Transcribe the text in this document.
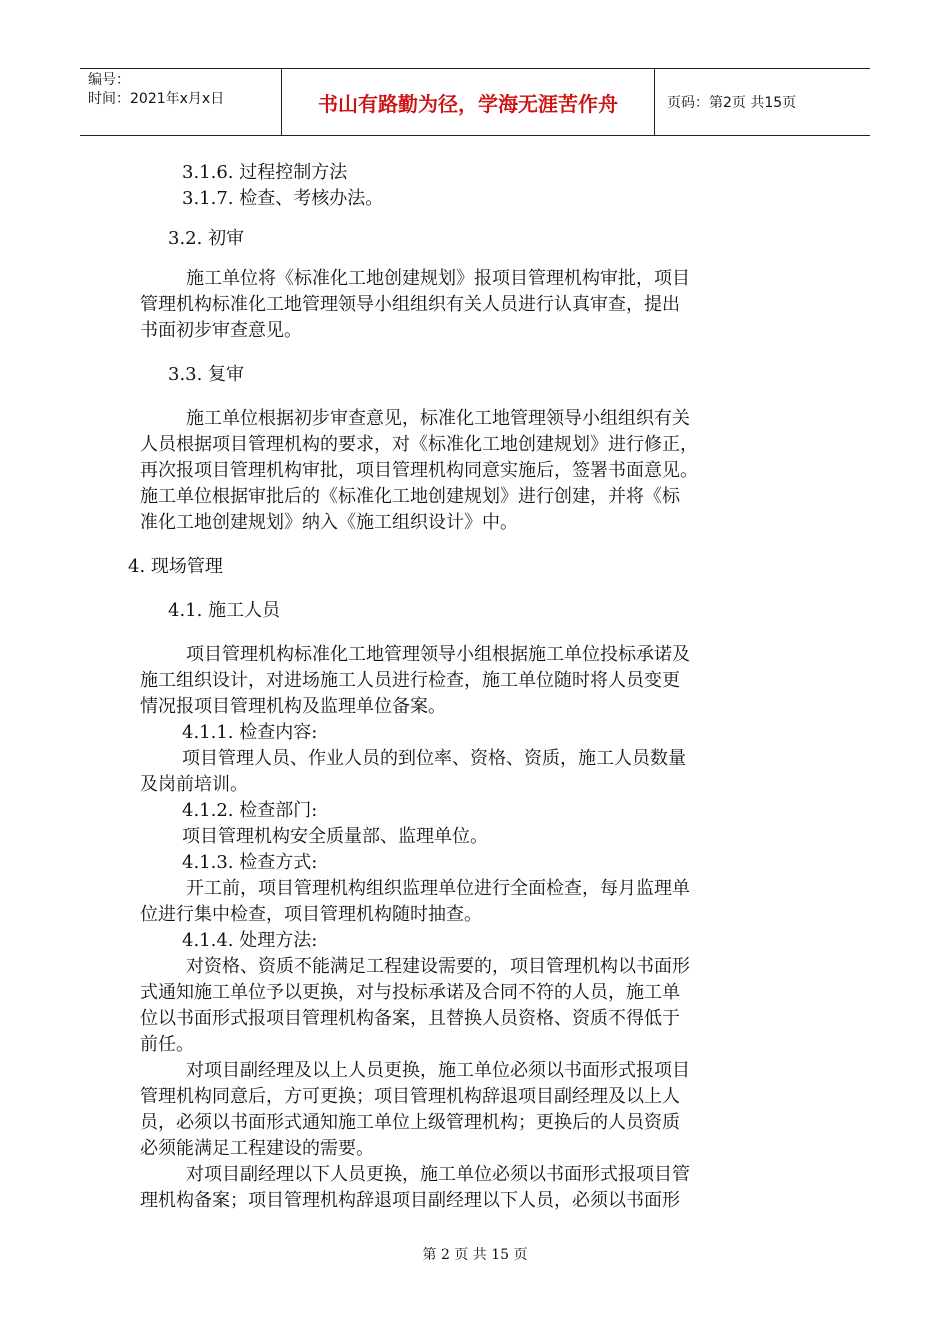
编号：
时间：2021年x月x日	书山有路勤为径，学海无涯苦作舟	页码：第2页 共15页
3.1.6. 过程控制方法
3.1.7. 检查、考核办法。
3.2. 初审
施工单位将《标准化工地创建规划》报项目管理机构审批，项目
管理机构标准化工地管理领导小组组织有关人员进行认真审查，提出
书面初步审查意见。
3.3. 复审
施工单位根据初步审查意见，标准化工地管理领导小组组织有关
人员根据项目管理机构的要求，对《标准化工地创建规划》进行修正，
再次报项目管理机构审批，项目管理机构同意实施后，签署书面意见。
施工单位根据审批后的《标准化工地创建规划》进行创建，并将《标
准化工地创建规划》纳入《施工组织设计》中。
4. 现场管理
4.1. 施工人员
项目管理机构标准化工地管理领导小组根据施工单位投标承诺及
施工组织设计，对进场施工人员进行检查，施工单位随时将人员变更
情况报项目管理机构及监理单位备案。
4.1.1. 检查内容:
项目管理人员、作业人员的到位率、资格、资质，施工人员数量
及岗前培训。
4.1.2. 检查部门:
项目管理机构安全质量部、监理单位。
4.1.3. 检查方式:
开工前，项目管理机构组织监理单位进行全面检查，每月监理单
位进行集中检查，项目管理机构随时抽查。
4.1.4. 处理方法:
对资格、资质不能满足工程建设需要的，项目管理机构以书面形
式通知施工单位予以更换，对与投标承诺及合同不符的人员，施工单
位以书面形式报项目管理机构备案，且替换人员资格、资质不得低于
前任。
对项目副经理及以上人员更换，施工单位必须以书面形式报项目
管理机构同意后，方可更换；项目管理机构辞退项目副经理及以上人
员，必须以书面形式通知施工单位上级管理机构；更换后的人员资质
必须能满足工程建设的需要。
对项目副经理以下人员更换，施工单位必须以书面形式报项目管
理机构备案；项目管理机构辞退项目副经理以下人员，必须以书面形
第 2 页 共 15 页
